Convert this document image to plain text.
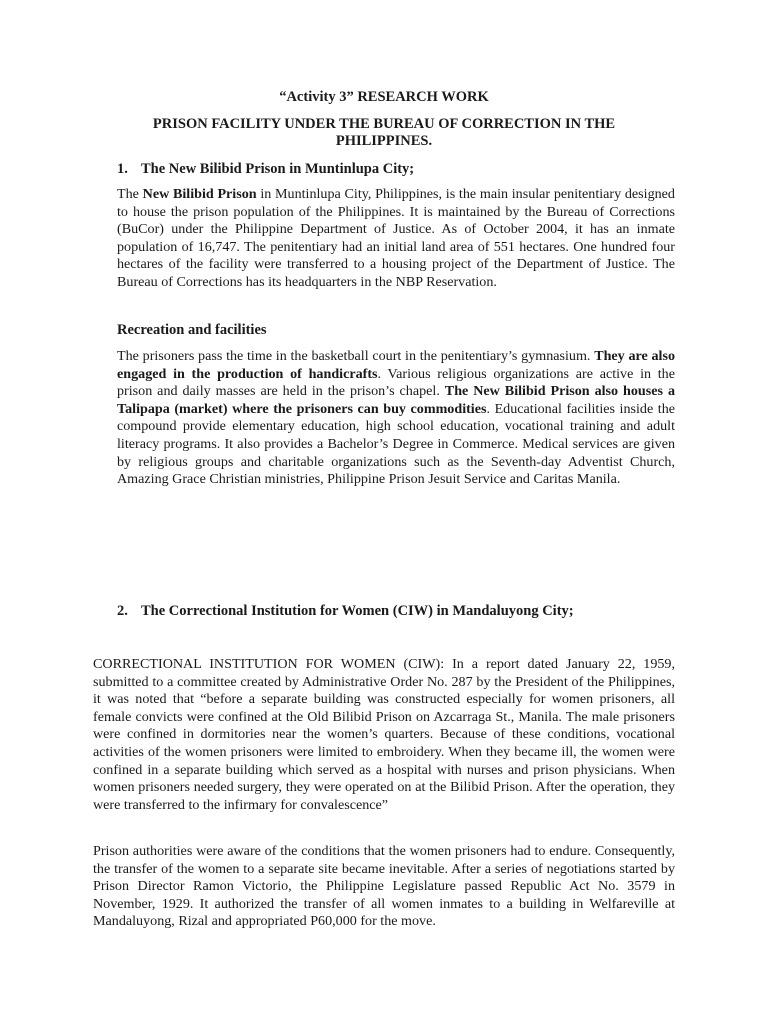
“Activity 3” RESEARCH WORK
PRISON FACILITY UNDER THE BUREAU OF CORRECTION IN THE PHILIPPINES.
1. The New Bilibid Prison in Muntinlupa City;

The New Bilibid Prison in Muntinlupa City, Philippines, is the main insular penitentiary designed to house the prison population of the Philippines. It is maintained by the Bureau of Corrections (BuCor) under the Philippine Department of Justice. As of October 2004, it has an inmate population of 16,747. The penitentiary had an initial land area of 551 hectares. One hundred four hectares of the facility were transferred to a housing project of the Department of Justice. The Bureau of Corrections has its headquarters in the NBP Reservation.

Recreation and facilities

The prisoners pass the time in the basketball court in the penitentiary’s gymnasium. They are also engaged in the production of handicrafts. Various religious organizations are active in the prison and daily masses are held in the prison’s chapel. The New Bilibid Prison also houses a Talipapa (market) where the prisoners can buy commodities. Educational facilities inside the compound provide elementary education, high school education, vocational training and adult literacy programs. It also provides a Bachelor’s Degree in Commerce. Medical services are given by religious groups and charitable organizations such as the Seventh-day Adventist Church, Amazing Grace Christian ministries, Philippine Prison Jesuit Service and Caritas Manila.

2. The Correctional Institution for Women (CIW) in Mandaluyong City;

CORRECTIONAL INSTITUTION FOR WOMEN (CIW): In a report dated January 22, 1959, submitted to a committee created by Administrative Order No. 287 by the President of the Philippines, it was noted that “before a separate building was constructed especially for women prisoners, all female convicts were confined at the Old Bilibid Prison on Azcarraga St., Manila. The male prisoners were confined in dormitories near the women’s quarters. Because of these conditions, vocational activities of the women prisoners were limited to embroidery. When they became ill, the women were confined in a separate building which served as a hospital with nurses and prison physicians. When women prisoners needed surgery, they were operated on at the Bilibid Prison. After the operation, they were transferred to the infirmary for convalescence”

Prison authorities were aware of the conditions that the women prisoners had to endure. Consequently, the transfer of the women to a separate site became inevitable. After a series of negotiations started by Prison Director Ramon Victorio, the Philippine Legislature passed Republic Act No. 3579 in November, 1929. It authorized the transfer of all women inmates to a building in Welfareville at Mandaluyong, Rizal and appropriated P60,000 for the move.
